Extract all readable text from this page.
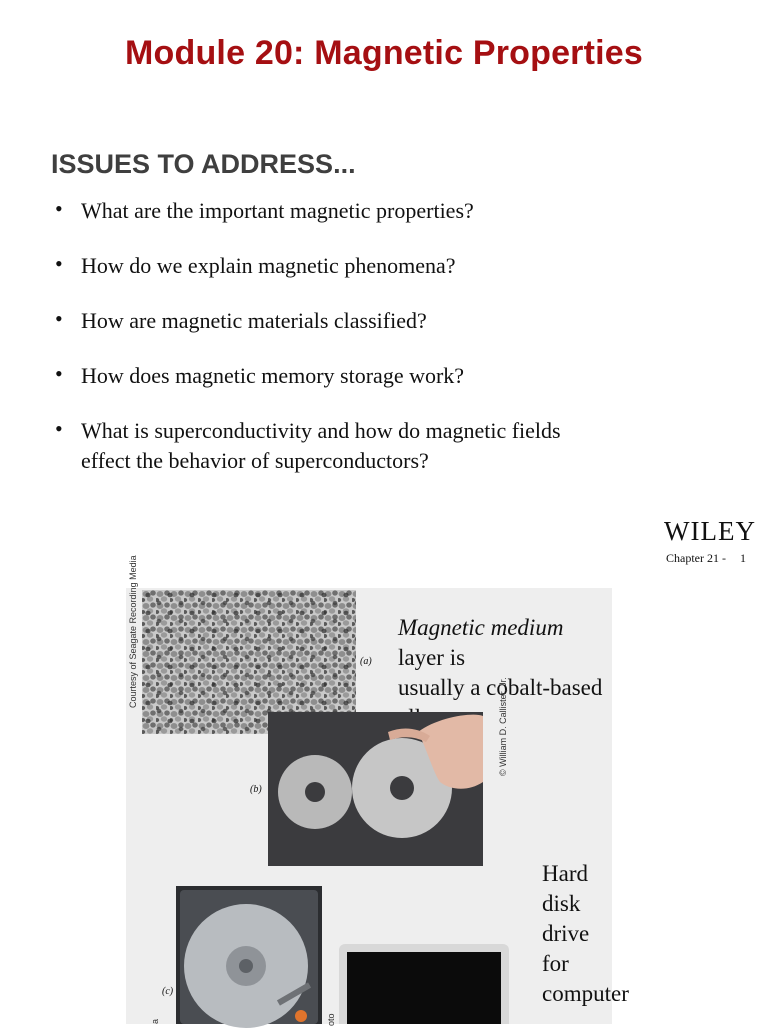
Module 20: Magnetic Properties
ISSUES TO ADDRESS...
• What are the important magnetic properties?
• How do we explain magnetic phenomena?
• How are magnetic materials classified?
• How does magnetic memory storage work?
• What is superconductivity and how do magnetic fields effect the behavior of superconductors?
WILEY
Chapter 21 - 1
Courtesy of Seagate Recording Media	(a)
Magnetic medium layer is
usually a cobalt-based
(b)
© William D. Callister, Jr.
Hard disk drive
for computer
(c)
a	oto
